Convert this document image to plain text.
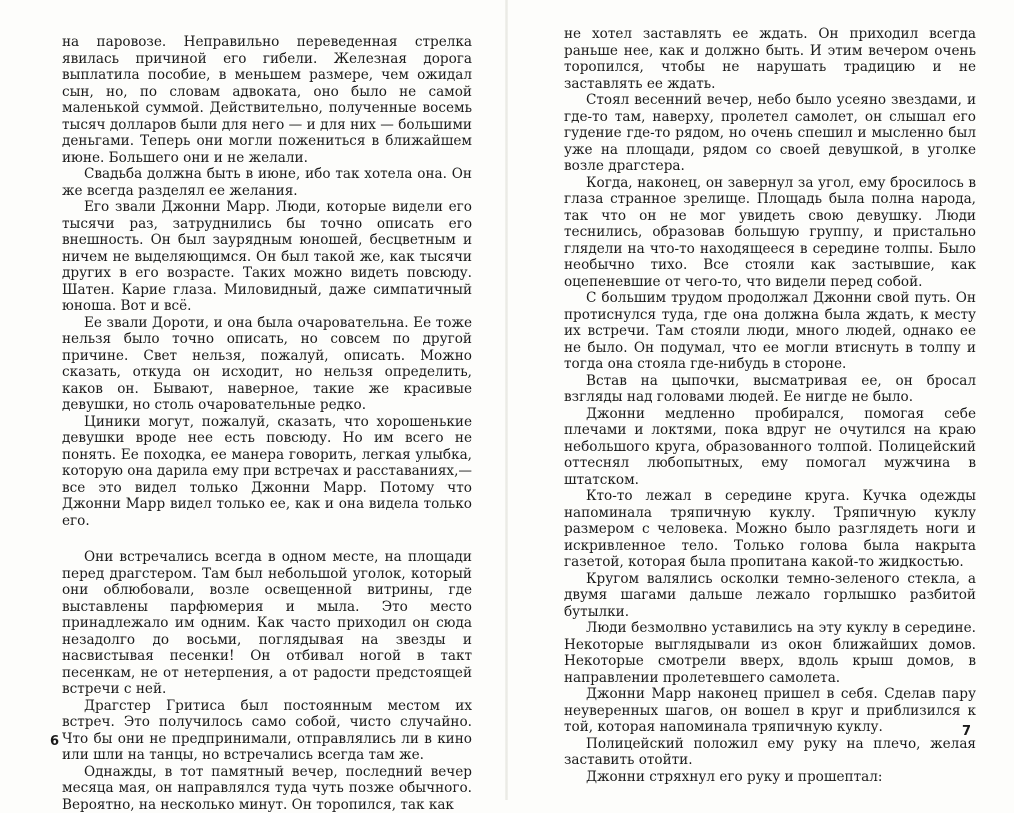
на паровозе. Неправильно переведенная стрелка явилась причиной его гибели. Железная дорога выплатила пособие, в меньшем размере, чем ожидал сын, но, по словам адвоката, оно было не самой маленькой суммой. Действительно, полученные восемь тысяч долларов были для него — и для них — большими деньгами. Теперь они могли пожениться в ближайшем июне. Большего они и не желали.

Свадьба должна быть в июне, ибо так хотела она. Он же всегда разделял ее желания.

Его звали Джонни Марр. Люди, которые видели его тысячи раз, затруднились бы точно описать его внешность. Он был заурядным юношей, бесцветным и ничем не выделяющимся. Он был такой же, как тысячи других в его возрасте. Таких можно видеть повсюду. Шатен. Карие глаза. Миловидный, даже симпатичный юноша. Вот и всё.

Ее звали Дороти, и она была очаровательна. Ее тоже нельзя было точно описать, но совсем по другой причине. Свет нельзя, пожалуй, описать. Можно сказать, откуда он исходит, но нельзя определить, каков он. Бывают, наверное, такие же красивые девушки, но столь очаровательные редко.

Циники могут, пожалуй, сказать, что хорошенькие девушки вроде нее есть повсюду. Но им всего не понять. Ее походка, ее манера говорить, легкая улыбка, которую она дарила ему при встречах и расставаниях,— все это видел только Джонни Марр. Потому что Джонни Марр видел только ее, как и она видела только его.

Они встречались всегда в одном месте, на площади перед драгстером. Там был небольшой уголок, который они облюбовали, возле освещенной витрины, где выставлены парфюмерия и мыла. Это место принадлежало им одним. Как часто приходил он сюда незадолго до восьми, поглядывая на звезды и насвистывая песенки! Он отбивал ногой в такт песенкам, не от нетерпения, а от радости предстоящей встречи с ней.

Драгстер Гритиса был постоянным местом их встреч. Это получилось само собой, чисто случайно. Что бы они не предпринимали, отправлялись ли в кино или шли на танцы, но встречались всегда там же.

Однажды, в тот памятный вечер, последний вечер месяца мая, он направлялся туда чуть позже обычного. Вероятно, на несколько минут. Он торопился, так как

6

не хотел заставлять ее ждать. Он приходил всегда раньше нее, как и должно быть. И этим вечером очень торопился, чтобы не нарушать традицию и не заставлять ее ждать.

Стоял весенний вечер, небо было усеяно звездами, и где-то там, наверху, пролетел самолет, он слышал его гудение где-то рядом, но очень спешил и мысленно был уже на площади, рядом со своей девушкой, в уголке возле драгстера.

Когда, наконец, он завернул за угол, ему бросилось в глаза странное зрелище. Площадь была полна народа, так что он не мог увидеть свою девушку. Люди теснились, образовав большую группу, и пристально глядели на что-то находящееся в середине толпы. Было необычно тихо. Все стояли как застывшие, как оцепеневшие от чего-то, что видели перед собой.

С большим трудом продолжал Джонни свой путь. Он протиснулся туда, где она должна была ждать, к месту их встречи. Там стояли люди, много людей, однако ее не было. Он подумал, что ее могли втиснуть в толпу и тогда она стояла где-нибудь в стороне.

Встав на цыпочки, высматривая ее, он бросал взгляды над головами людей. Ее нигде не было.

Джонни медленно пробирался, помогая себе плечами и локтями, пока вдруг не очутился на краю небольшого круга, образованного толпой. Полицейский оттеснял любопытных, ему помогал мужчина в штатском.

Кто-то лежал в середине круга. Кучка одежды напоминала тряпичную куклу. Тряпичную куклу размером с человека. Можно было разглядеть ноги и искривленное тело. Только голова была накрыта газетой, которая была пропитана какой-то жидкостью.

Кругом валялись осколки темно-зеленого стекла, а двумя шагами дальше лежало горлышко разбитой бутылки.

Люди безмолвно уставились на эту куклу в середине. Некоторые выглядывали из окон ближайших домов. Некоторые смотрели вверх, вдоль крыш домов, в направлении пролетевшего самолета.

Джонни Марр наконец пришел в себя. Сделав пару неуверенных шагов, он вошел в круг и приблизился к той, которая напоминала тряпичную куклу.

Полицейский положил ему руку на плечо, желая заставить отойти.

Джонни стряхнул его руку и прошептал:

7
